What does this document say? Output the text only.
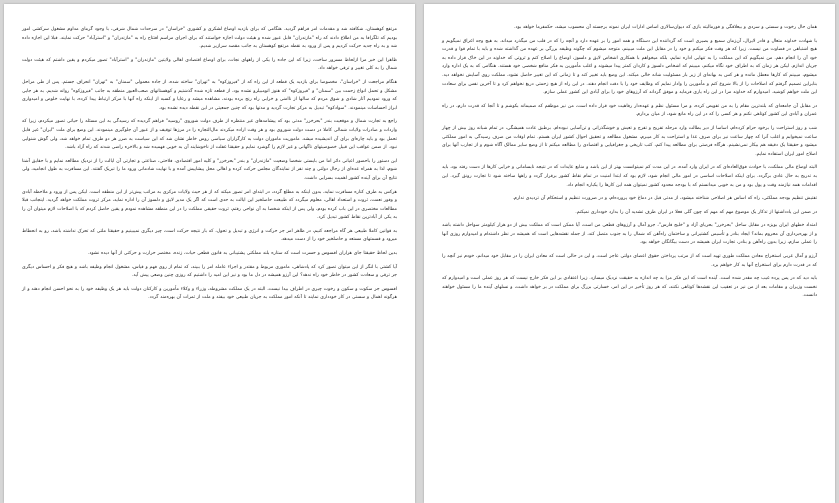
مرتفع کوهستان، شکافته شد و مقدمات امر فراهم گردید. هنگامی که برای بازدید اوضاع لشکری و کشوری "خراسان" در سرحدات شمال شرقی، با وجود گرمای مداوم مشغول سرکشی امور بودیم که تلگرافا به من اطلاع دادند که راه "مازندران" قابل عبور شده و هیئت دولت اجازه خواستند که برای اجرای مراسم افتتاح راه به "مازندران" و "استرآباد" حرکت نمایند. قبلا این اجازه داده شد و به راه جدید حرکت کردیم و پس از ورود به نقطه مرتفع کوهستان به جانب مقصد سرازیر شدیم.

ظاهرا این خبر مرا ازلحاظ مسرور ساخت، زیرا که این جاده را یکی از راههای نجات، برای اوضاع اقتصادی اهالی ولایتین "مازندران" و "استرآباد" تصور میکردم و یقین داشتم که هیئت دولت شمال را به کلی تغییر و ترقی خواهد داد.

هنگام مراجعت از "خراسان"، مخصوصا برای بازدید یک قطعه از این راه که از "فیروزکوه" به "تهران" ساخته شده، از جاده معمولی "سمنان" به "تهران" انحراف جستم. پس از طی مراحل مشکل و تحمل انواع زحمت بین "سمنان" و "فیروزکوه" که هنوز اتومبیلرو نشده بود، از قطعه تازه شده گذشتیم و کوهستانهای صعب‌العبور منطقه به جانب "فیروزکوه" روانه شدیم. به هر جایی که ورود نمودیم آثار شادی و شوق مردم که سالها از ناامنی و خرابی راه رنج برده بودند، مشاهده میشد و رعایا و کسبه از اینکه راه آنها با مرکز ارتباط پیدا کرده، با نهایت خلوص و امیدواری ابراز احساسات مینمودند. "سوادکوه" تبدیل به مرکز تجارت گردید و مدتها بود که چنین جمعیتی در این نقطه دیده نشده بود.

راجع به تجارت شمال و موقعیت بندر "بحرخزر" مدتی بود که پیشامدهای غیر منتظره از طرف دولت شوروی "روسیه" فراهم گردیده که رسیدگی به این مسئله را حیاتی تصور میکردم، زیرا که واردات و صادرات ولایات شمالی کاملا در دست دولت شوروی بود و هر وقت اراده میکردند مال‌التجاره را در مرزها توقیف و از عبور آن جلوگیری مینمودند. این وضع برای ملت "ایران" غیر قابل تحمل بود و باید چاره‌ای برای آن اندیشیده میشد. ماموریت ماموران دولت به کارگزاران سیاسی روس خاطر نشان شد که این سیاست به ضرر هر دو طرف تمام خواهد شد، ولی گوش شنوایی نبود. از ضمن عواقب این قبیل خصوصیتهای ناگهانی و غیر لازم را گوشزد نمایم و حقیقتا غفلت از ناخوشایند آن به خوبی فهمیده شد و بالاخره راضی شدند که راه آزاد باشد.

این دستور را باحضور اعیانی دائر اما من بایستی شخصا وضعیت "مازندران" و بندر "بحرخزر" و کلیه امور اقتصادی، فلاحتی، صناعتی و تجارتی آن ایالت را از نزدیک مطالعه نمایم و با حقایق آشنا شوم، لذا به همراه عده‌ای از رجال دولتی و چند نفر از نمایندگان مجلس حرکت کرده و اهالی محل پیشاپیش آمده و با نهایت شادمانی ورود ما را تبریک گفتند. این مسافرت به طول انجامید، ولی نتایج آن برای آینده کشور اهمیت بسزایی داشت.

هرکس به طرف کناره مسافرت نماید، بدون اینکه به مطلع گردد، در ابتدای امر تصور میکند که از هر حیث ولایات مرکزی به مراتب پیش‌تر از این منطقه است. لیکن پس از ورود و ملاحظه آبادی و وفور نعمت، ثروت و استعداد اهالی، معلوم میگردد که طبیعت حاصلخیز این ایالت به حدی است که اگر یک مدیر لایق و دلسوز آن را اداره نماید، مرکز ثروت مملکت خواهد گردید. اینجانب قبلا مطالعات مختصری در این باب کرده بودم، ولی پس از اینکه شخصا به آن نواحی رفتم، ثروت حقیقی مملکت را در این منطقه مشاهده نمودم و یقین حاصل کردم که با اصلاحات لازم میتوان آن را به یکی از آبادترین نقاط کشور تبدیل کرد.

به قوانین کاملا طبیعی هر گاه مراجعه کنیم، در ظاهر امر جز حرکت و انرژی و تبدیل و تحول، که بار نتیجه حرکت است، چیز دیگری نمیبینیم و حقیقتا ملتی که تحرک نداشته باشد، رو به انحطاط میرود و قسمتهای مستعد و حاصلخیز خود را از دست میدهد.

بدین لحاظ حقیقتا جای هزاران افسوس و حسرت است که ستاره بلند مملکتی پشتیبانی به قانون قطعی حیات، زنده، مختصر حرارت و حرکتی از آنها دیده نشود.

آیا کشتی با لنگر از این میتوان تصور کرد که پادشاهی، ماموری مربوط و مقتدر و اجزاء عامله امر را ببیند، که تمام از روی فهم و قیاس، مشغول انجام وظیفه باشد و هیچ فکر و احساس دیگری جز ترقی و سعادت کشور در خاطر خود راه ندهد؟ این آرزو همیشه در دل ما بود و نیز این امید را داشتیم که روزی چنین وضعی پیش آید.

افسوس جز سکوت و سکون و رخوت چیزی در اطراف بیدا نیست، البته در یک مملکت مشروطه، وزراء و وکلاء مأمورین و کارکنان دولت باید هر یک وظیفه خود را به نحو احسن انجام دهند و از هرگونه اهمال و سستی در کار خودداری نمایند تا آنکه امور مملکت به جریان طبیعی خود بیفتد و ملت از ثمرات آن بهره‌مند گردد.

همان حال رخوت و سستی و سردی و بیعلاقگی و فورمالیته بازی که دیوان‌سالاری اساس ادارات ایران نمونه برجسته آن محسوب میشد، حکمفرما خواهد بود.

با شهادت خداوند متعال و قادر لایزال، آن‌زمان سمیع و بصیری است که گرداننده این دستگاه و همه امور را بر عهده دارد و آنچه را که در قلب من میگذرد میداند. به هیچ وجه اغراق نمیگویم و هیچ اشتباهی در قضاوت من نیست. زیرا که هر وقت فکر میکنم و خود را در مقابل این ملت میبینم، متوجه میشوم که چگونه وظیفه بزرگی بر عهده من گذاشته شده و باید با تمام قوا و قدرت خود آن را انجام دهم. من نمیگویم که این مملکت را به تنهایی اداره نمایم، بلکه میخواهم با همکاری اشخاص لایق و دلسوز، اوضاع را اصلاح کنم و ثروتی که خداوند در این خاک قرار داده به جریان اندازم. لیکن هر زمان که به اطراف خود نگاه میکنم، میبینم که اشخاص دلسوز و کاردان کمتر پیدا میشوند و اغلب مأمورین به فکر منافع شخصی خود هستند. هنگامی که به یک اداره وارد میشوم، میبینم که کارها معطل مانده و هر کس به بهانه‌ای از زیر بار مسئولیت شانه خالی میکند. این وضع باید تغییر کند و تا زمانی که این تغییر حاصل نشود، مملکت روی آسایش نخواهد دید. بنابراین تصمیم گرفتم که اصلاحات را از بالا شروع کنم و مأمورین را وادار نمایم که وظایف خود را با دقت انجام دهند. در این راه از هیچ زحمتی دریغ نخواهم کرد و تا آخرین نفس برای سعادت این ملت خواهم کوشید. امیدوارم که خداوند مرا در این راه یاری فرماید و موفق گرداند که آرزوهای خود را برای آبادی این کشور عملی سازم.

در مقابل آن جامعه‌ای که بلندترین مقام را به من تفویض کرده، و مرا مسئول نظم و عهده‌دار رفاهیت خود قرار داده است، من نیز موظفم که صمیمانه بکوشم و تا آنجا که قدرت دارم، در راه عمران و آبادی این کشور کوتاهی نکنم و هر کسی را که در این راه مانع شود، از میان بردارم.

شب و روز استراحت را برخود حرام کرده‌ام، اساسا از دیر بطالت وارد مرحله تفریح و تفرج و تعیش و خوشگذرانی و تن‌آسایی نبوده‌ام. برطبق عادت همیشگی، در تمام شبانه روز بیش از چهار ساعت نمیخوابم و اغلب آنرا که چهار ساعت نیز برای صرف غذا و استراحت به کار میبرم، مشغول مطالعه و تحقیق احوال کشور ایران هستم. تمام اوقات من صرف رسیدگی به امور مملکتی میشود و حقیقتا یک دقیقه هم بیکار نمی‌نشینم. هرگاه فرصتی برای مطالعه پیدا کنم، کتب تاریخی و جغرافیایی و اقتصادی را مطالعه میکنم تا از وضع سایر ممالک آگاه شوم و از تجارب آنها برای اصلاح امور ایران استفاده نمایم.

البته اوضاع مالی مملکت، با حوادث فوق‌العاده‌ای که در ایران وارد آمده، در این مدت کم نمیتوانست بهتر از این باشد و منابع عایدات که در نتیجه نابسامانی و خرابی کارها از دست رفته بود، باید به تدریج به حال عادی برگردد. برای اینکه اصلاحات اساسی در امور مالی انجام شود، لازم بود که ابتدا امنیت در تمام نقاط کشور برقرار گردد و راهها ساخته شود تا تجارت رونق گیرد. این اقدامات همه نیازمند وقت و پول بود و من به خوبی میدانستم که با بودجه محدود کشور نمیتوان همه این کارها را یکباره انجام داد.

تفتیش تنظیم بودجه مملکتی، راه که اساس هر اصلاحی شناخته میشود، از مدتی قبل در دماغ خود پرورده‌ام، و در ضرورت تنظیم و استحکام آن تردیدی ندارم.

در ضمن این یادداشتها از تذکار یک موضوع مهم که مهم که چون گلی فعلا در ایران طرف تشدید آن را بدارد خودداری نمیکنم.

امتداد خطهای ایران بویژه در مقابل ساحل "بحرخزر" بحریای آزاد و "خلیج فارس"، جزو آمال و آرزوهای قطعی من است، آیا ممکن است که مملکت بیش از دو هزار کیلومتر سواحل داشته باشد و از بهره‌برداری آن محروم بماند؟ ایجاد بنادر و تأسیس کشتیرانی و ساختمان راه‌آهن که شمال را به جنوب متصل کند، از جمله نقشه‌هایی است که همیشه در نظر داشته‌ام و امیدوارم روزی آنها را عملی سازم، زیرا بدون راه‌آهن و بنادر، تجارت ایران همیشه در دست بیگانگان خواهد بود.

آرزو و آمال غربی استخراج معادن مملکت طوری تهیه است که از مرتب پرداختن حقوق اعضای دولتی عاجز است، و این در حالی است که معادن ایران را در مقابل خود میدانم، خودم نیز آنچه را که در قدرت دارم برای استخراج آنها به کار خواهم برد.

باید دید که در پس پرده غیب چه مقدر شده است. آینده است که این فکر مرا به چه اندازه به حقیقت نزدیک میسازد. زیرا اعتقادی بر این فکر خارج نیست که هر روز عملی است و امیدوارم که نخست وزیران و مقامات بعد از من نیز در تعقیب این نقشه‌ها کوتاهی نکنند، که هر روز تأخیر در این امر، خسارتی بزرگ برای مملکت در بر خواهد داشت، و نسلهای آینده ما را مسئول خواهند دانست.
